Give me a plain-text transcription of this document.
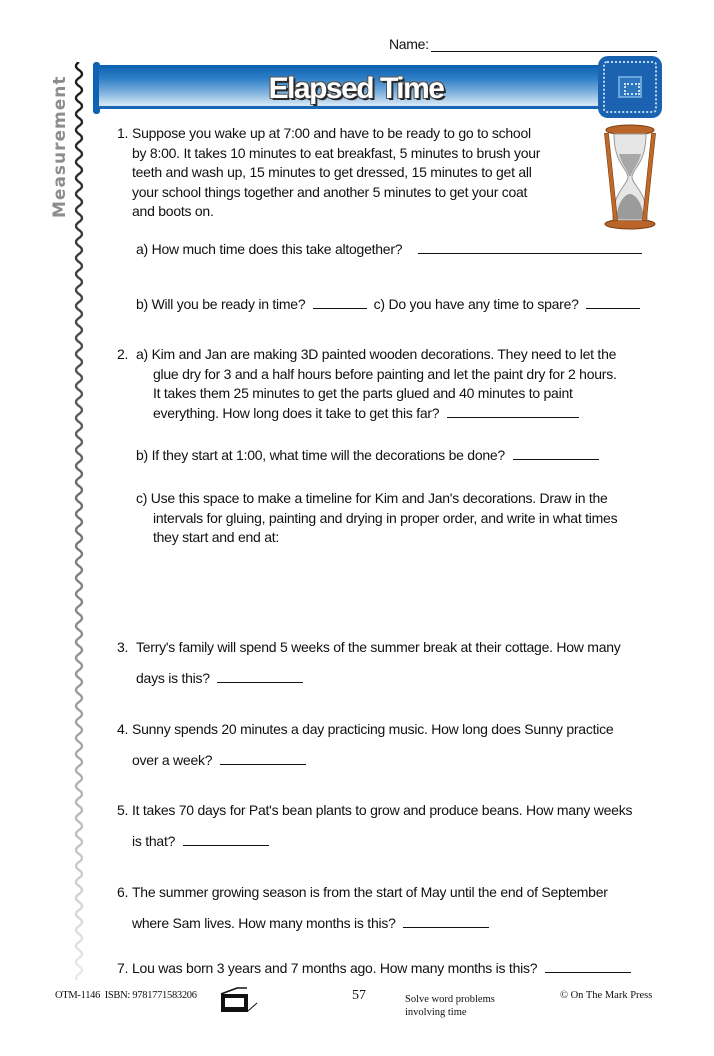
Name:
Measurement	Elapsed Time
1. Suppose you wake up at 7:00 and have to be ready to go to school
by 8:00. It takes 10 minutes to eat breakfast, 5 minutes to brush your
teeth and wash up, 15 minutes to get dressed, 15 minutes to get all
your school things together and another 5 minutes to get your coat
and boots on.
a) How much time does this take altogether?
b) Will you be ready in time?	c) Do you have any time to spare?
2. a) Kim and Jan are making 3D painted wooden decorations. They need to let the
glue dry for 3 and a half hours before painting and let the paint dry for 2 hours.
It takes them 25 minutes to get the parts glued and 40 minutes to paint
everything. How long does it take to get this far?
b) If they start at 1:00, what time will the decorations be done?
c) Use this space to make a timeline for Kim and Jan's decorations. Draw in the
intervals for gluing, painting and drying in proper order, and write in what times
they start and end at:
3. Terry's family will spend 5 weeks of the summer break at their cottage. How many
days is this?
4. Sunny spends 20 minutes a day practicing music. How long does Sunny practice
over a week?
5. It takes 70 days for Pat's bean plants to grow and produce beans. How many weeks
is that?
6. The summer growing season is from the start of May until the end of September
where Sam lives. How many months is this?
7. Lou was born 3 years and 7 months ago. How many months is this?
OTM-1146  ISBN: 9781771583206	57	Solve word problems
involving time
© On The Mark Press
